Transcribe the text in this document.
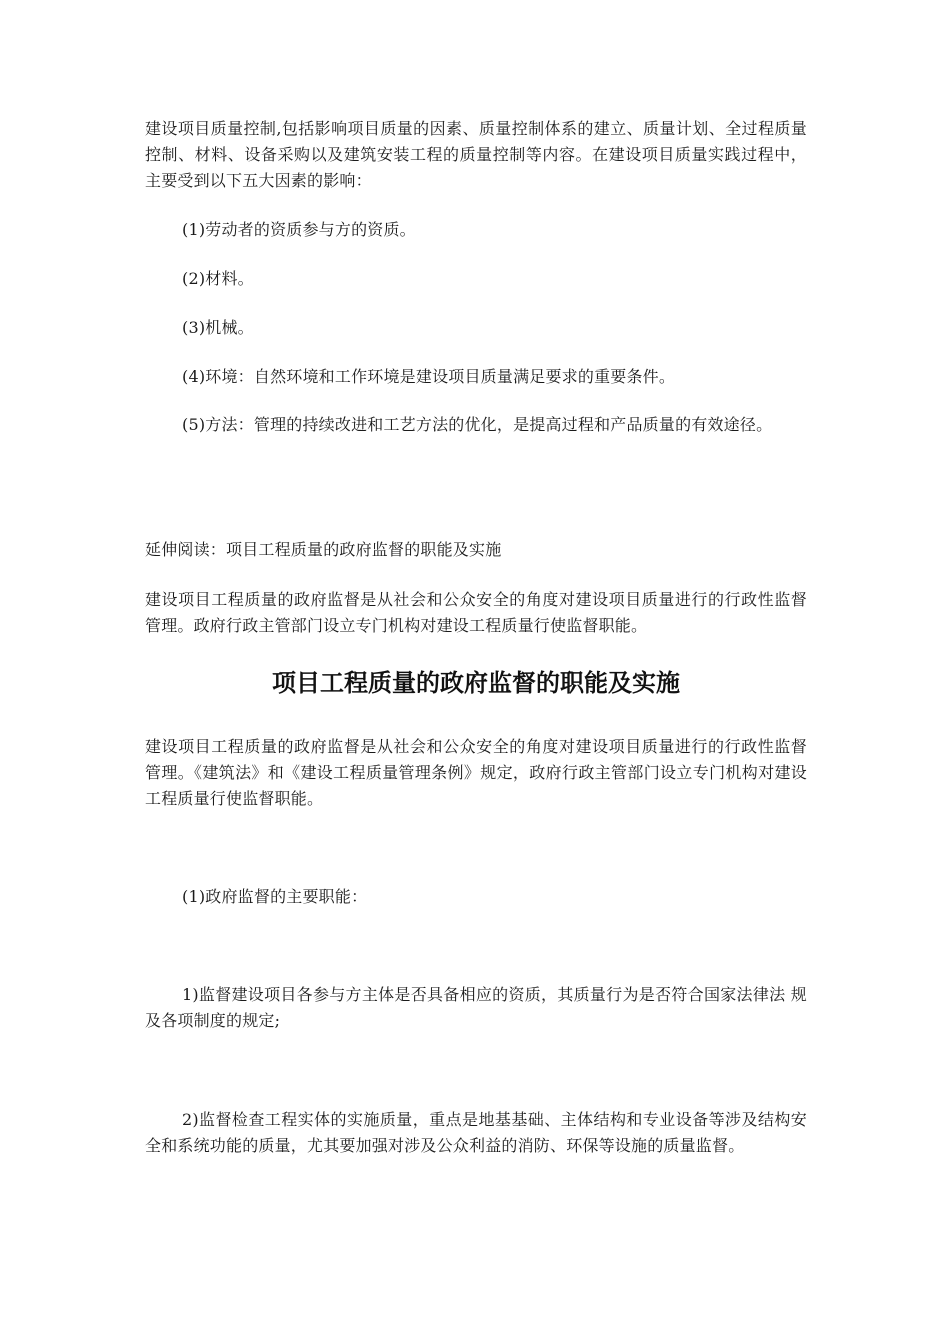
建设项目质量控制,包括影响项目质量的因素、质量控制体系的建立、质量计划、全过程质量控制、材料、设备采购以及建筑安装工程的质量控制等内容。在建设项目质量实践过程中，主要受到以下五大因素的影响：

(1)劳动者的资质参与方的资质。

(2)材料。

(3)机械。

(4)环境：自然环境和工作环境是建设项目质量满足要求的重要条件。

(5)方法：管理的持续改进和工艺方法的优化，是提高过程和产品质量的有效途径。

延伸阅读：项目工程质量的政府监督的职能及实施

建设项目工程质量的政府监督是从社会和公众安全的角度对建设项目质量进行的行政性监督管理。政府行政主管部门设立专门机构对建设工程质量行使监督职能。

项目工程质量的政府监督的职能及实施

建设项目工程质量的政府监督是从社会和公众安全的角度对建设项目质量进行的行政性监督管理。《建筑法》和《建设工程质量管理条例》规定，政府行政主管部门设立专门机构对建设工程质量行使监督职能。

(1)政府监督的主要职能：

1)监督建设项目各参与方主体是否具备相应的资质，其质量行为是否符合国家法律法 规及各项制度的规定;

2)监督检查工程实体的实施质量，重点是地基基础、主体结构和专业设备等涉及结构安全和系统功能的质量，尤其要加强对涉及公众利益的消防、环保等设施的质量监督。
